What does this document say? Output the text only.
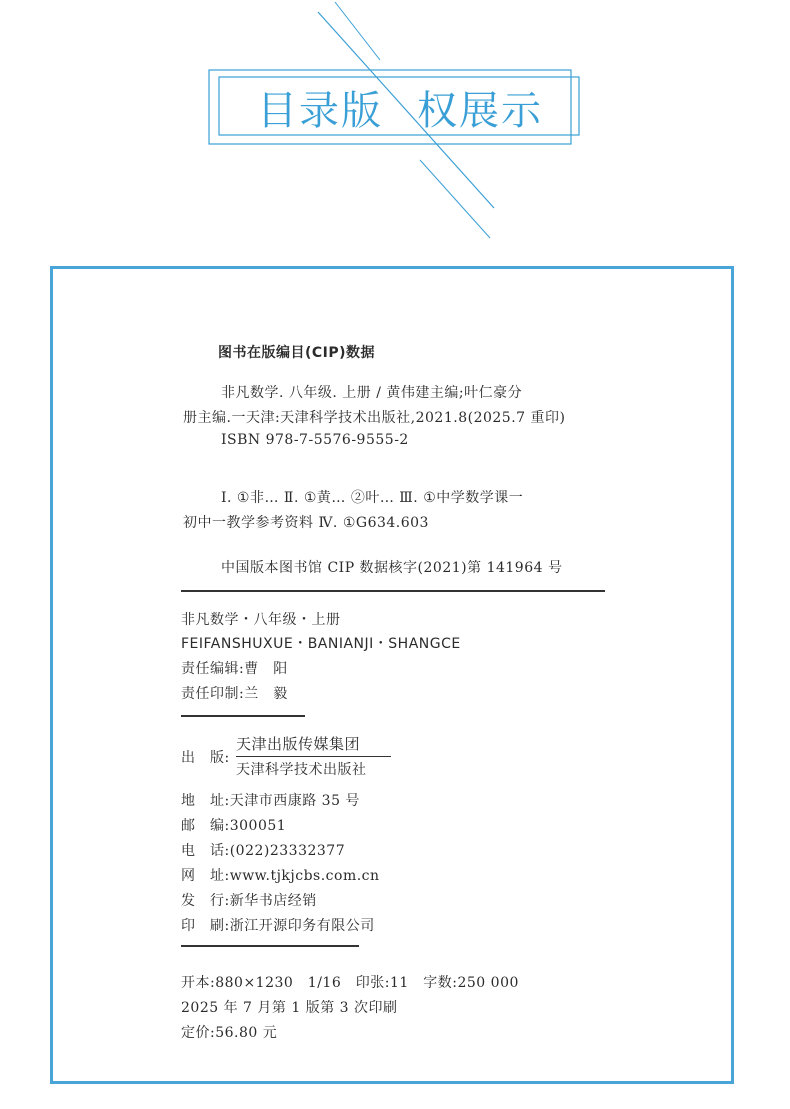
目录版 权展示
图书在版编目(CIP)数据
非凡数学. 八年级. 上册 / 黄伟建主编;叶仁豪分
册主编.一天津:天津科学技术出版社,2021.8(2025.7 重印)
ISBN 978-7-5576-9555-2
Ⅰ. ①非… Ⅱ. ①黄… ②叶… Ⅲ. ①中学数学课一
初中一教学参考资料 Ⅳ. ①G634.603
中国版本图书馆 CIP 数据核字(2021)第 141964 号
非凡数学・八年级・上册
FEIFANSHUXUE・BANIANJI・SHANGCE
责任编辑:曹　阳
责任印制:兰　毅
出　版:
天津出版传媒集团
天津科学技术出版社
地　址:天津市西康路 35 号
邮　编:300051
电　话:(022)23332377
网　址:www.tjkjcbs.com.cn
发　行:新华书店经销
印　刷:浙江开源印务有限公司
开本:880×1230　1/16　印张:11　字数:250 000
2025 年 7 月第 1 版第 3 次印刷
定价:56.80 元
